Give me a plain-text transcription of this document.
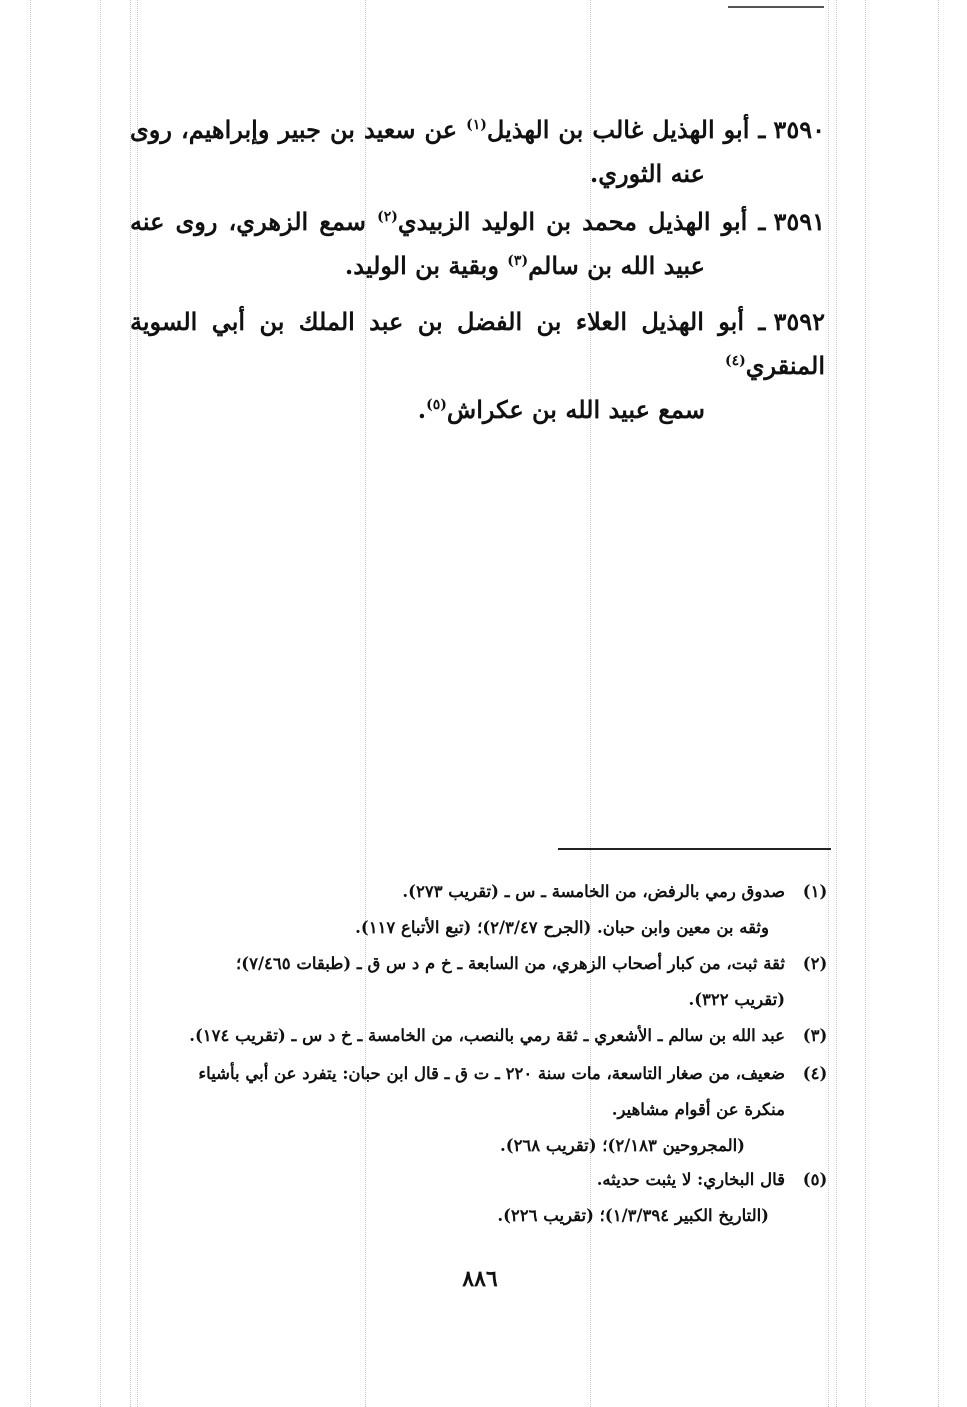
٣٥٩٠ـ أبو الهذيل غالب بن الهذيل$^{(١)}$ عن سعيد بن جبير وإبراهيم، روى
عنه الثوري.
٣٥٩١ـ أبو الهذيل محمد بن الوليد الزبيدي$^{(٢)}$ سمع الزهري، روى عنه
عبيد الله بن سالم$^{(٣)}$ وبقية بن الوليد.
٣٥٩٢ـ أبو الهذيل العلاء بن الفضل بن عبد الملك بن أبي السوية المنقري$^{(٤)}$
سمع عبيد الله بن عكراش$^{(٥)}$.
(١)
صدوق رمي بالرفض، من الخامسة ـ س ـ (تقريب ٢٧٣).
وثقه بن معين وابن حبان. (الجرح ٢/٣/٤٧)؛ (تبع الأتباع ١١٧).
(٢)
ثقة ثبت، من كبار أصحاب الزهري، من السابعة ـ خ م د س ق ـ (طبقات ٧/٤٦٥)؛
(تقريب ٣٢٢).
(٣)
عبد الله بن سالم ـ الأشعري ـ ثقة رمي بالنصب، من الخامسة ـ خ د س ـ (تقريب ١٧٤).
(٤)
ضعيف، من صغار التاسعة، مات سنة ٢٢٠ ـ ت ق ـ قال ابن حبان: يتفرد عن أبي بأشياء
منكرة عن أقوام مشاهير.
(المجروحين ٢/١٨٣)؛ (تقريب ٢٦٨).
(٥)
قال البخاري: لا يثبت حديثه.
(التاريخ الكبير ١/٣/٣٩٤)؛ (تقريب ٢٢٦).
٨٨٦
